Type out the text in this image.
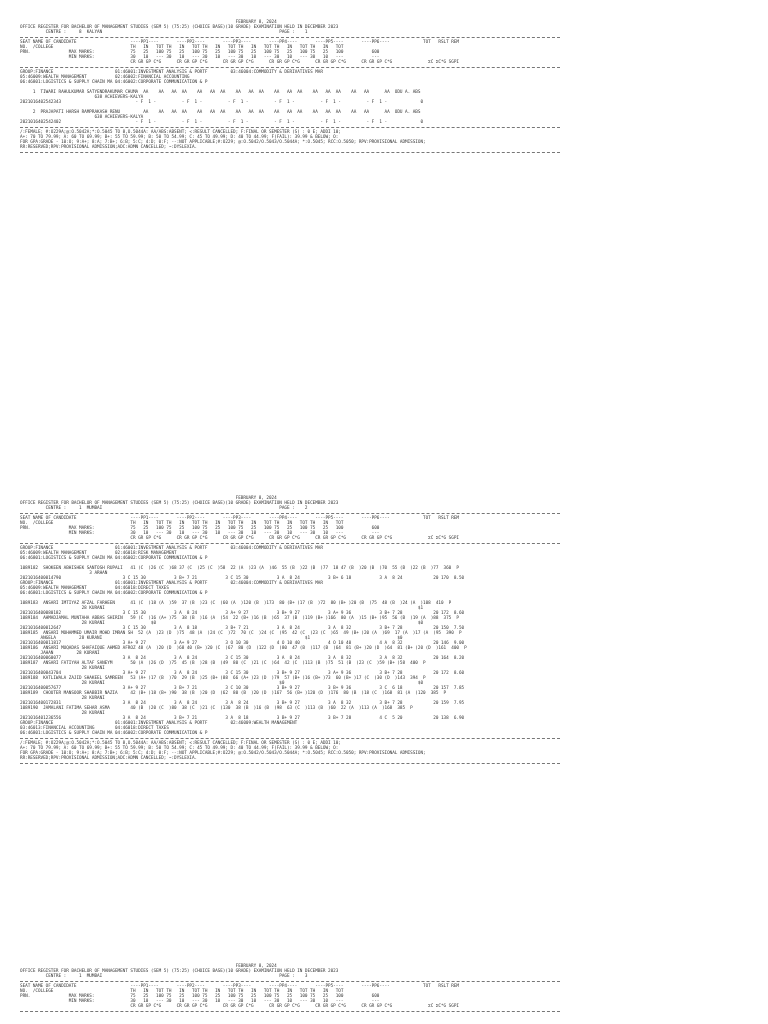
FEBRUARY 8, 2024
OFFICE REGISTER FOR BACHELOR OF MANAGEMENT STUDIES (SEM 5) (75:25) (CHOICE BASE)(10 GRADE) EXAMINATION HELD IN DECEMBER 2023
CENTRE :     8  KALYAN                                                                     PAGE :    1
SEAT NAME OF CANDIDATE                     ----PP1----       ----PP2----       ----PP3----       ----PP4----       ----PP5----       ----PP6----             TOT   RSLT REM
NO.  /COLLEGE                              TH   IN   TOT TH   IN   TOT TH   IN   TOT TH   IN   TOT TH   IN   TOT TH   IN   TOT
PRN.               MAX MARKS:              75   25   100 75   25   100 75   25   100 75   25   100 75   25   100 75   25   100           600
MIN MARKS:              30   10   --- 30   10   --- 30   10   --- 30   10   --- 30   10   --- 30   10   ---           ---
CR GR GP C*G      CR GR GP C*G      CR GR GP C*G      CR GR GP C*G      CR GR GP C*G      CR GR GP C*G              ΣC ΣC*G SGPI
GROUP:FINANCE                        01:46001:INVESTMENT ANALYSIS & PORTF         03:46004:COMMODITY & DERIVATIVES MAR
05:46009:WEALTH MANAGEMENT           02:46002:FINANCIAL ACCOUNTING
06:46801:LOGISTICS & SUPPLY CHAIN MA 04:46002:CORPORATE COMMUNICATION & P
1  TIWARI RAHULKUMAR SATYENDRAKUMAR CHUMA  AA    AA   AA  AA    AA   AA  AA    AA   AA  AA    AA   AA  AA    AA   AA  AA    AA   AA      AA  ODU A. ABS
638 ACHIEVERS-KALYA
2021016402542343                             - F  1 -          - F  1 -          - F  1 -          - F  1 -          - F  1 -          - F  1 -             0
2  PRAJAPATI HARSH RAMPRAKASH RENU         AA    AA   AA  AA    AA   AA  AA    AA   AA  AA    AA   AA  AA    AA   AA  AA    AA   AA      AA  ODU A. ABS
638 ACHIEVERS-KALYA
2021016402542402                             - F  1 -          - F  1 -          - F  1 -          - F  1 -          - F  1 -          - F  1 -             0
/:FEMALE; #:O229A;@:O.5042A;*:O.5045 TO 8,O.5044A: AA/ABS:ABSENT; <:RESULT CANCELLED; F:FINAL OR SEMESTER (S) : 0 E; ADDI 10;
A+: 70 TO 79.99; A: 60 TO 69.99; B+: 55 TO 59.99; B: 50 TO 54.99; C: 45 TO 49.99; D: 40 TO 44.99; F(FAIL): 39.99 & BELOW; O:
FOR GPA:GRADE - 10:O; 9:A+; 8:A; 7:B+; 6:B; 5:C; 4:D; 0:F; --:NOT APPLICABLE;#:O229; @:O.5042/O.5043/O.5044A; *:O.5045; RCC:O.5050; RPV:PROVISIONAL ADMISSION;
RR:RESERVED;RPV:PROVISIONAL ADMISSION;ADC:ADMN CANCELLED; ~:DYSLEXIA.
FEBRUARY 8, 2024
OFFICE REGISTER FOR BACHELOR OF MANAGEMENT STUDIES (SEM 5) (75:25) (CHOICE BASE)(10 GRADE) EXAMINATION HELD IN DECEMBER 2023
CENTRE :     1  MUMBAI                                                                     PAGE :    2
SEAT NAME OF CANDIDATE                     ----PP1----       ----PP2----       ----PP3----       ----PP4----       ----PP5----       ----PP6----             TOT   RSLT REM
NO.  /COLLEGE                              TH   IN   TOT TH   IN   TOT TH   IN   TOT TH   IN   TOT TH   IN   TOT TH   IN   TOT
PRN.               MAX MARKS:              75   25   100 75   25   100 75   25   100 75   25   100 75   25   100 75   25   100           600
MIN MARKS:              30   10   --- 30   10   --- 30   10   --- 30   10   --- 30   10   --- 30   10   ---           ---
CR GR GP C*G      CR GR GP C*G      CR GR GP C*G      CR GR GP C*G      CR GR GP C*G      CR GR GP C*G              ΣC ΣC*G SGPI
GROUP:FINANCE                        01:46001:INVESTMENT ANALYSIS & PORTF         03:46004:COMMODITY & DERIVATIVES MAR
05:46009:WEALTH MANAGEMENT           02:46018:RISK MANAGEMENT
06:46801:LOGISTICS & SUPPLY CHAIN MA 04:46002:CORPORATE COMMUNICATION & P
1089182  SHOKEEN ABHISHEK SANTOSH RUPALI   41 (C  )26 (C  )68 37 (C  )25 (C  )58  22 (A  )23 (A  )46  55 (B  )22 (B  )77  18 47 (B  )20 (B  )70  55 (B  )22 (B  )77  360  P
3 ARHAN
2021016400014790                        3 C 15 30           3 B+ 7 21           3 C 15 30           3 A  8 24           3 B+ 6 18           3 A  8 24            20 170  8.50
GROUP:FINANCE                        01:46001:INVESTMENT ANALYSIS & PORTF         02:46004:COMMODITY & DERIVATIVES MAR
05:46009:WEALTH MANAGEMENT           04:46018:DIRECT TAXES
06:46801:LOGISTICS & SUPPLY CHAIN MA 04:46002:CORPORATE COMMUNICATION & P
1089183  ANSARI IMTIYAZ AFZAL FARHEEN      41 (C  )18 (A  )59  37 (B  )23 (C  )60 (A  )120 (B  )173  80 (B+ )17 (B  )72  80 (B+ )20 (B  )75  48 (B  )24 (A  )108  410  P
28 KURANI                                                                                                                          $1
2021016400080182                        3 C 15 30           3 A  8 24           3 A+ 9 27           3 B+ 9 27           3 A+ 9 36           3 B+ 7 28            20 172  8.60
1089184  AHMADJAMAL MUNTAHA ABBAS SHIRIN   59 (C  )16 (A+ )75  38 (B  )16 (A  )54  22 (B+ )16 (B  )65  37 (B  )119 (B+ )166  80 (A  )15 (B+ )95  56 (B  )19 (A  )88  375  P
28 KURANI                  $0                                                                                                      $0
2021016400012647                        3 C 15 30           3 A  8 18           3 B+ 7 21           3 A  8 24           3 A  8 32           3 B+ 7 28            20 150  7.50
1089185  ANSARI MOHAMMED UMAIR MOHD IMRAN SH  52 (A  )23 (D  )75  48 (A  )24 (C  )72  70 (C  )24 (C  )95  42 (C  )23 (C  )65  49 (B+ )20 (A  )69  17 (A  )17 (A  )95  390  P
ANGELA         28 KURANI                                                                               $1                                  $0
2021016400011817                        3 A+ 9 27           3 A+ 9 27           3 O 10 30           4 O 10 40           4 O 10 40           4 A  8 32            20 146  9.00
1089186  ANSARI MUQADAS SHAFAIQUE AHMED AFROZ 48 (A  )20 (D  )68 40 (B+ )20 (C  )67  80 (D  )122 (D  )80  47 (B  )117 (B  )64  81 (B+ )20 (D  )64  81 (B+ )20 (D  )161  400  P
JAHAN         28 KURANI
2021016400060077                        3 A  8 24           3 A  8 24           3 C 15 30           3 A  8 24           3 A  8 32           3 A  8 32            20 164  8.20
1089187  ANSARI FATIYAH ALTAF SANEYM       50 (A  )26 (D  )75  45 (B  )28 (B  )49  80 (C  )21 (C  )64  42 (C  )113 (B  )75  51 (B  )23 (C  )59 (B+ )58  400  P
28 KURANI
2021016400043704                        3 A+ 9 27           3 A  8 24           3 C 15 30           3 B+ 9 27           3 A+ 9 36           3 B+ 7 28            20 172  8.60
1089188  KATLIWALA ZAJID SHAKEEL SAMREEN   53 (A+ )17 (B  )70  29 (B  )25 (B+ )88  66 (A+ )23 (D  )79  57 (B+ )16 (B+ )73  60 (B+ )17 (C  )30 (D  )143  394  P
28 KURANI                                                                    $0                                                    $0
2021016400057677                        3 A+ 9 27           3 B+ 7 21           3 C 10 30           3 B+ 9 27           3 B+ 9 36           3 C  6 18            20 157  7.85
1089189  CHOUTER MANSOOR SHABBIR NAZIA     42 (B+ )18 (B+ )90  38 (B  )20 (D  )62  80 (B  )20 (D  )167  56 (B+ )120 (D  )176  80 (B  )18 (C  )168  81 (A  )120  385  P
28 KURANI
2021016400172831                        3 A  8 24           3 A  8 24           3 A  8 24           3 B+ 9 27           3 A  8 32           3 B+ 7 28            20 159  7.95
1089190  JAMALANI FATIMA SEHAR ASMA        40 (B  )20 (C  )80  38 (C  )21 (C  )130  38 (B  )16 (B  )98  63 (C  )113 (B  )60  22 (A  )113 (A  )168  385  P
28 KURANI
2021016401236556                        3 A  8 24           3 B+ 7 21           3 A  8 18           3 B+ 9 27           3 B+ 7 28           4 C  5 20            20 138  6.90
GROUP:FINANCE                        01:46001:INVESTMENT ANALYSIS & PORTF         02:46009:WEALTH MANAGEMENT
03:46013:FINANCIAL ACCOUNTING        04:46018:DIRECT TAXES
06:46801:LOGISTICS & SUPPLY CHAIN MA 04:46002:CORPORATE COMMUNICATION & P
/:FEMALE; #:O229A;@:O.5042A;*:O.5045 TO 8,O.5044A: AA/ABS:ABSENT; <:RESULT CANCELLED; F:FINAL OR SEMESTER (S) : 0 E; ADDI 10;
A+: 70 TO 79.99; A: 60 TO 69.99; B+: 55 TO 59.99; B: 50 TO 54.99; C: 45 TO 49.99; D: 40 TO 44.99; F(FAIL): 39.99 & BELOW; O:
FOR GPA:GRADE - 10:O; 9:A+; 8:A; 7:B+; 6:B; 5:C; 4:D; 0:F; --:NOT APPLICABLE;#:O229; @:O.5042/O.5043/O.5044A; *:O.5045; RCC:O.5050; RPV:PROVISIONAL ADMISSION;
RR:RESERVED;RPV:PROVISIONAL ADMISSION;ADC:ADMN CANCELLED; ~:DYSLEXIA.
FEBRUARY 8, 2024
OFFICE REGISTER FOR BACHELOR OF MANAGEMENT STUDIES (SEM 5) (75:25) (CHOICE BASE)(10 GRADE) EXAMINATION HELD IN DECEMBER 2023
CENTRE :     1  MUMBAI                                                                     PAGE :    3
SEAT NAME OF CANDIDATE                     ----PP1----       ----PP2----       ----PP3----       ----PP4----       ----PP5----       ----PP6----             TOT   RSLT REM
NO.  /COLLEGE                              TH   IN   TOT TH   IN   TOT TH   IN   TOT TH   IN   TOT TH   IN   TOT TH   IN   TOT
PRN.               MAX MARKS:              75   25   100 75   25   100 75   25   100 75   25   100 75   25   100 75   25   100           600
MIN MARKS:              30   10   --- 30   10   --- 30   10   --- 30   10   --- 30   10   --- 30   10   ---           ---
CR GR GP C*G      CR GR GP C*G      CR GR GP C*G      CR GR GP C*G      CR GR GP C*G      CR GR GP C*G              ΣC ΣC*G SGPI
